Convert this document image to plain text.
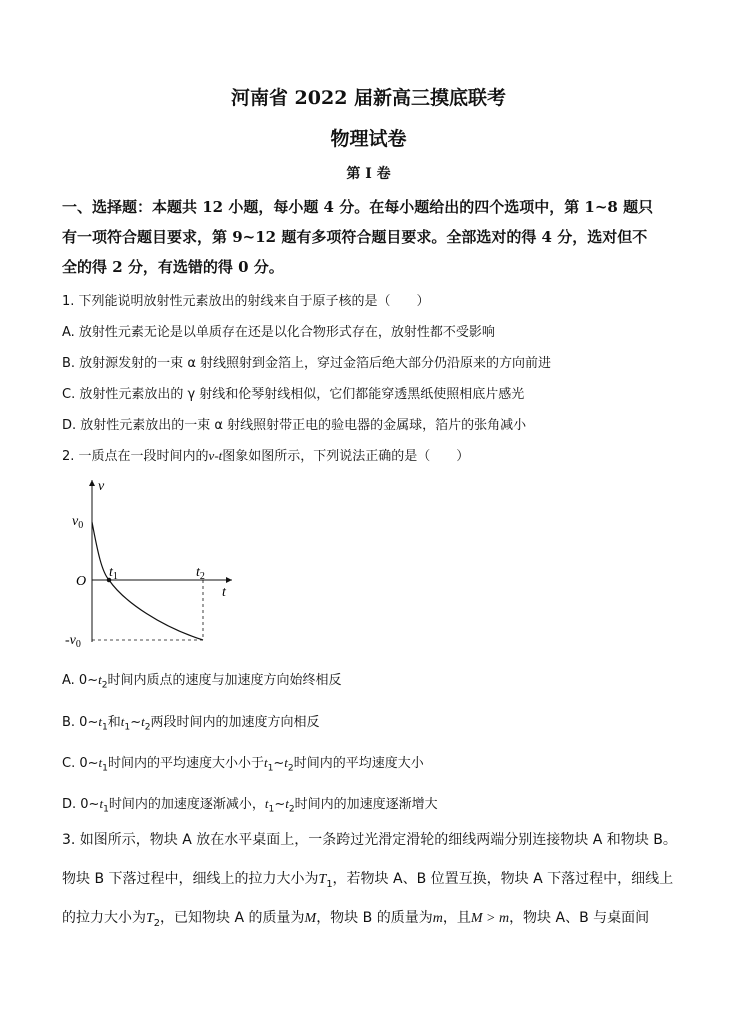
河南省 2022 届新高三摸底联考
物理试卷
第 I 卷
一、选择题：本题共 12 小题，每小题 4 分。在每小题给出的四个选项中，第 1~8 题只
有一项符合题目要求，第 9~12 题有多项符合题目要求。全部选对的得 4 分，选对但不
全的得 2 分，有选错的得 0 分。
1. 下列能说明放射性元素放出的射线来自于原子核的是（　　）
A. 放射性元素无论是以单质存在还是以化合物形式存在，放射性都不受影响
B. 放射源发射的一束 α 射线照射到金箔上，穿过金箔后绝大部分仍沿原来的方向前进
C. 放射性元素放出的 γ 射线和伦琴射线相似，它们都能穿透黑纸使照相底片感光
D. 放射性元素放出的一束 α 射线照射带正电的验电器的金属球，箔片的张角减小
2. 一质点在一段时间内的v-t图象如图所示，下列说法正确的是（　　）
v
t
$v_0$
O
$-v_0$
$t_1$	$t_2$
A. $0\sim t_2$时间内质点的速度与加速度方向始终相反
B. $0\sim t_1$和$t_1\sim t_2$两段时间内的加速度方向相反
C. $0\sim t_1$时间内的平均速度大小小于$t_1\sim t_2$时间内的平均速度大小
D. $0\sim t_1$时间内的加速度逐渐减小，$t_1\sim t_2$时间内的加速度逐渐增大
3. 如图所示，物块 A 放在水平桌面上，一条跨过光滑定滑轮的细线两端分别连接物块 A 和物块 B。
物块 B 下落过程中，细线上的拉力大小为$T_1$，若物块 A、B 位置互换，物块 A 下落过程中，细线上
的拉力大小为$T_2$，已知物块 A 的质量为M，物块 B 的质量为m，且M > m，物块 A、B 与桌面间
